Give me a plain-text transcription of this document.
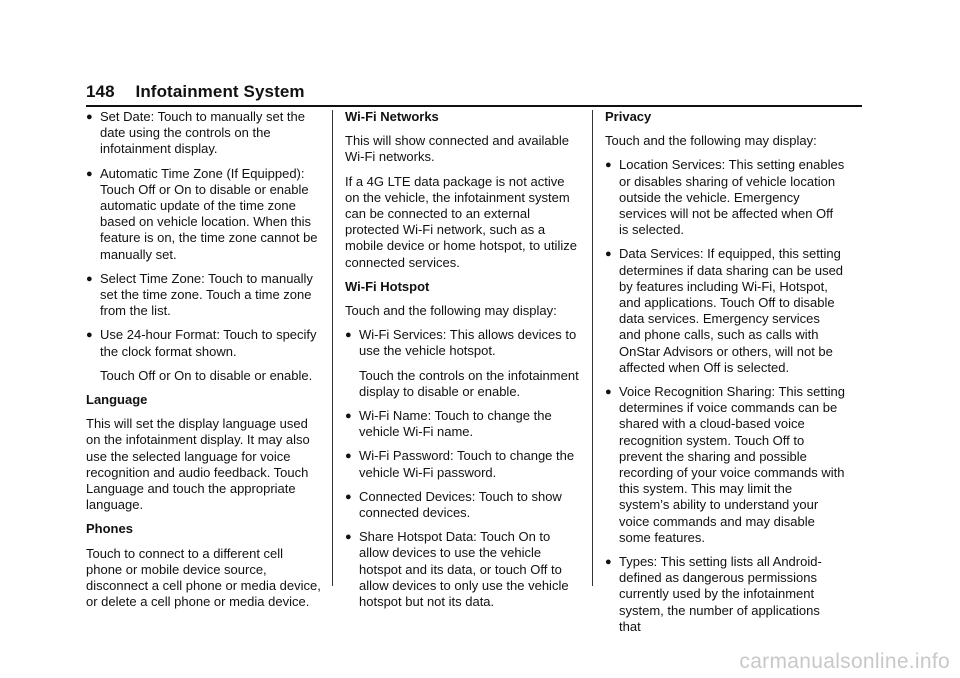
148 Infotainment System
● Set Date: Touch to manually set the date using the controls on the infotainment display.
● Automatic Time Zone (If Equipped): Touch Off or On to disable or enable automatic update of the time zone based on vehicle location. When this feature is on, the time zone cannot be manually set.
● Select Time Zone: Touch to manually set the time zone. Touch a time zone from the list.
● Use 24-hour Format: Touch to specify the clock format shown.

Touch Off or On to disable or enable.

Language

This will set the display language used on the infotainment display. It may also use the selected language for voice recognition and audio feedback. Touch Language and touch the appropriate language.

Phones

Touch to connect to a different cell phone or mobile device source, disconnect a cell phone or media device, or delete a cell phone or media device.

Wi-Fi Networks

This will show connected and available Wi-Fi networks.

If a 4G LTE data package is not active on the vehicle, the infotainment system can be connected to an external protected Wi-Fi network, such as a mobile device or home hotspot, to utilize connected services.

Wi-Fi Hotspot

Touch and the following may display:

● Wi-Fi Services: This allows devices to use the vehicle hotspot.

Touch the controls on the infotainment display to disable or enable.

● Wi-Fi Name: Touch to change the vehicle Wi-Fi name.
● Wi-Fi Password: Touch to change the vehicle Wi-Fi password.
● Connected Devices: Touch to show connected devices.
● Share Hotspot Data: Touch On to allow devices to use the vehicle hotspot and its data, or touch Off to allow devices to only use the vehicle hotspot but not its data.

Privacy

Touch and the following may display:

● Location Services: This setting enables or disables sharing of vehicle location outside the vehicle. Emergency services will not be affected when Off is selected.
● Data Services: If equipped, this setting determines if data sharing can be used by features including Wi-Fi, Hotspot, and applications. Touch Off to disable data services. Emergency services and phone calls, such as calls with OnStar Advisors or others, will not be affected when Off is selected.
● Voice Recognition Sharing: This setting determines if voice commands can be shared with a cloud-based voice recognition system. Touch Off to prevent the sharing and possible recording of your voice commands with this system. This may limit the system’s ability to understand your voice commands and may disable some features.
● Types: This setting lists all Android-defined as dangerous permissions currently used by the infotainment system, the number of applications that
carmanualsonline.info
